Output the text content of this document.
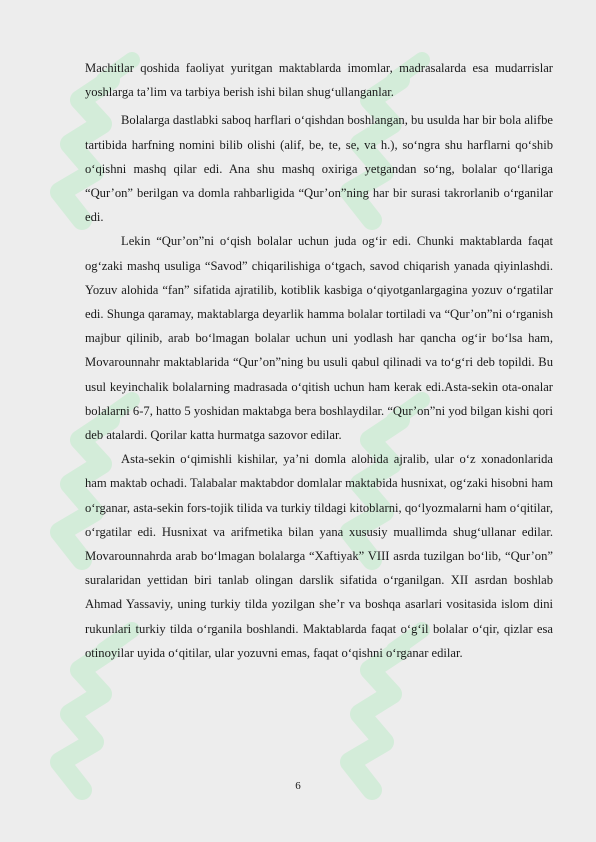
Machitlar qoshida faoliyat yuritgan maktablarda imomlar, madrasalarda esa mudarrislar yoshlarga ta’lim va tarbiya berish ishi bilan shug‘ullanganlar.

Bolalarga dastlabki saboq harflari o‘qishdan boshlangan, bu usulda har bir bola alifbe tartibida harfning nomini bilib olishi (alif, be, te, se, va h.), so‘ngra shu harflarni qo‘shib o‘qishni mashq qilar edi. Ana shu mashq oxiriga yetgandan so‘ng, bolalar qo‘llariga “Qur’on” berilgan va domla rahbarligida “Qur’on”ning har bir surasi takrorlanib o‘rganilar edi.

Lekin “Qur’on”ni o‘qish bolalar uchun juda og‘ir edi. Chunki maktablarda faqat og‘zaki mashq usuliga “Savod” chiqarilishiga o‘tgach, savod chiqarish yanada qiyinlashdi. Yozuv alohida “fan” sifatida ajratilib, kotiblik kasbiga o‘qiyotganlargagina yozuv o‘rgatilar edi. Shunga qaramay, maktablarga deyarlik hamma bolalar tortiladi va “Qur’on”ni o‘rganish majbur qilinib, arab bo‘lmagan bolalar uchun uni yodlash har qancha og‘ir bo‘lsa ham, Movarounnahr maktablarida “Qur’on”ning bu usuli qabul qilinadi va to‘g‘ri deb topildi. Bu usul keyinchalik bolalarning madrasada o‘qitish uchun ham kerak edi.Asta-sekin ota-onalar bolalarni 6-7, hatto 5 yoshidan maktabga bera boshlaydilar. “Qur’on”ni yod bilgan kishi qori deb atalardi. Qorilar katta hurmatga sazovor edilar.

Asta-sekin o‘qimishli kishilar, ya’ni domla alohida ajralib, ular o‘z xonadonlarida ham maktab ochadi. Talabalar maktabdor domlalar maktabida husnixat, og‘zaki hisobni ham o‘rganar, asta-sekin fors-tojik tilida va turkiy tildagi kitoblarni, qo‘lyozmalarni ham o‘qitilar, o‘rgatilar edi. Husnixat va arifmetika bilan yana xususiy muallimda shug‘ullanar edilar. Movarounnahrda arab bo‘lmagan bolalarga “Xaftiyak” VIII asrda tuzilgan bo‘lib, “Qur’on” suralaridan yettidan biri tanlab olingan darslik sifatida o‘rganilgan. XII asrdan boshlab Ahmad Yassaviy, uning turkiy tilda yozilgan she’r va boshqa asarlari vositasida islom dini rukunlari turkiy tilda o‘rganila boshlandi. Maktablarda faqat o‘g‘il bolalar o‘qir, qizlar esa otinoyilar uyida o‘qitilar, ular yozuvni emas, faqat o‘qishni o‘rganar edilar.

6
